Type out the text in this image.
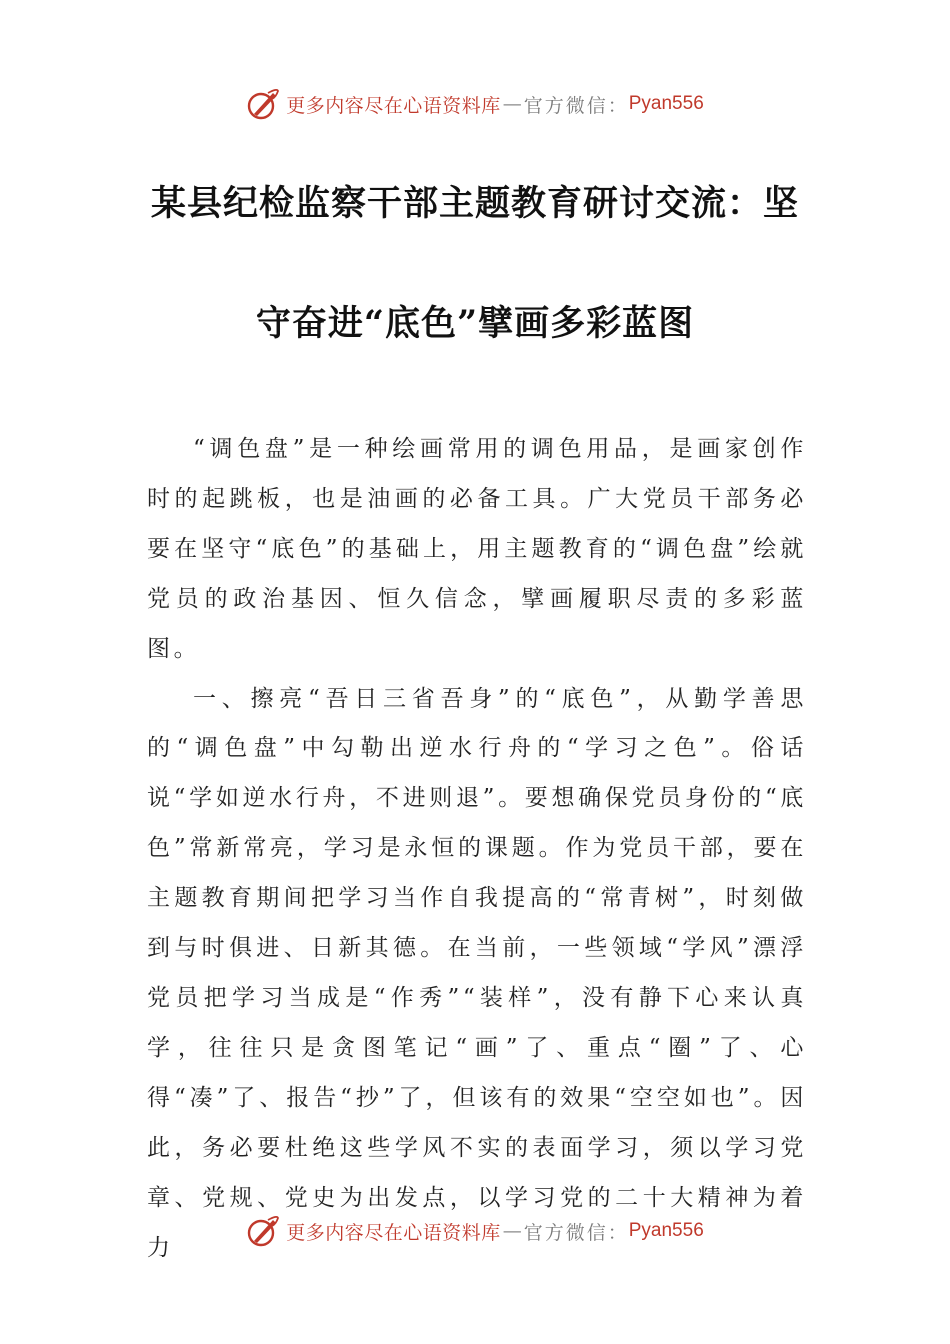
更多内容尽在心语资料库 — 官方微信： Pyan556
某县纪检监察干部主题教育研讨交流：坚
守奋进“底色”擘画多彩蓝图

“调色盘”是一种绘画常用的调色用品，是画家创作时的起跳板，也是油画的必备工具。广大党员干部务必要在坚守“底色”的基础上，用主题教育的“调色盘”绘就党员的政治基因、恒久信念，擘画履职尽责的多彩蓝图。

一、擦亮“吾日三省吾身”的“底色”，从勤学善思的“调色盘”中勾勒出逆水行舟的“学习之色”。俗话说“学如逆水行舟，不进则退”。要想确保党员身份的“底色”常新常亮，学习是永恒的课题。作为党员干部，要在主题教育期间把学习当作自我提高的“常青树”，时刻做到与时俱进、日新其德。在当前，一些领域“学风”漂浮党员把学习当成是“作秀”“装样”，没有静下心来认真学，往往只是贪图笔记“画”了、重点“圈”了、心得“凑”了、报告“抄”了，但该有的效果“空空如也”。因此，务必要杜绝这些学风不实的表面学习，须以学习党章、党规、党史为出发点，以学习党的二十大精神为着力

更多内容尽在心语资料库 — 官方微信： Pyan556
